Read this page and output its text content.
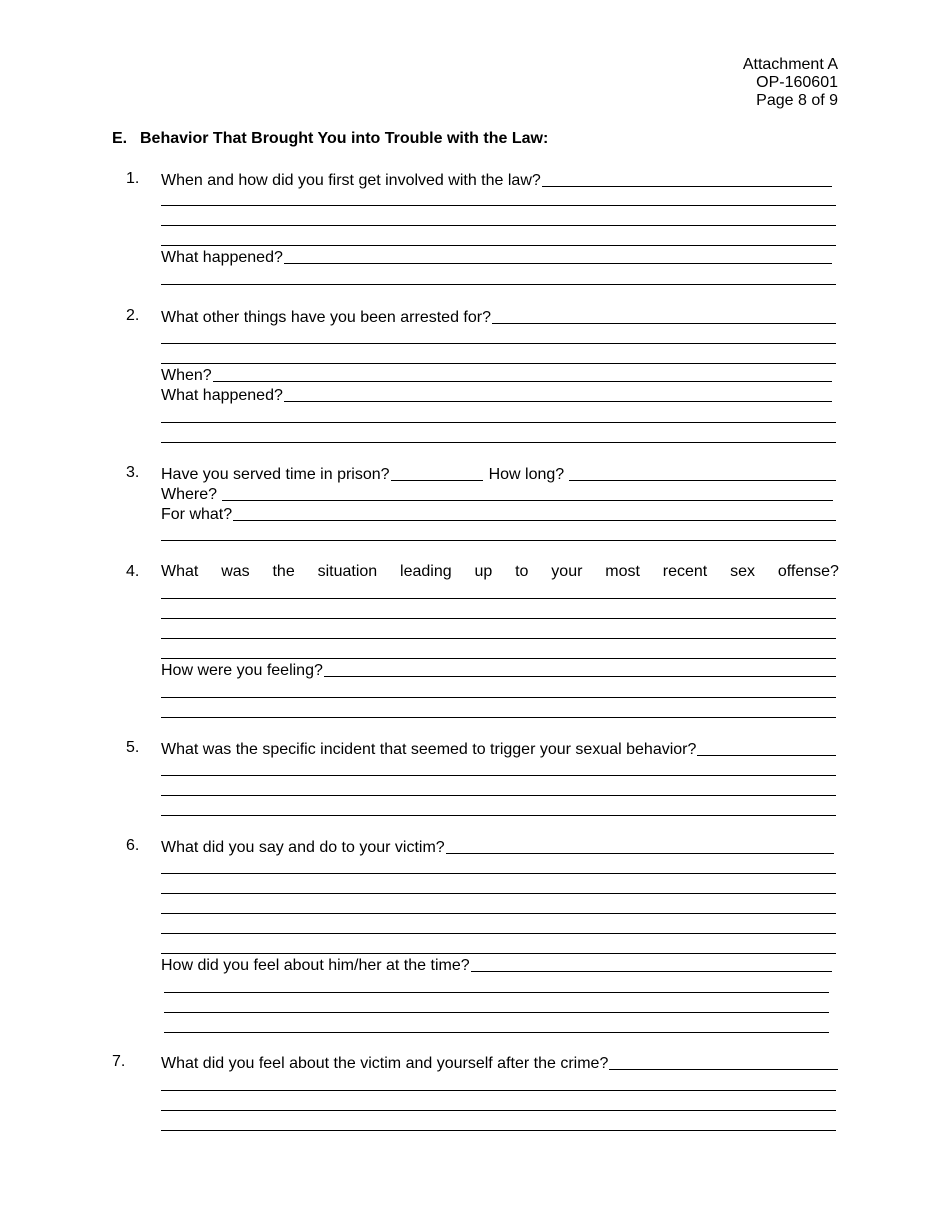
Attachment A
OP-160601
Page 8 of 9
E. Behavior That Brought You into Trouble with the Law:
1. When and how did you first get involved with the law?
What happened?
2. What other things have you been arrested for?
When?
What happened?
3. Have you served time in prison?	How long?
Where?
For what?
4. What was the situation leading up to your most recent sex offense?
How were you feeling?
5. What was the specific incident that seemed to trigger your sexual behavior?
6. What did you say and do to your victim?
How did you feel about him/her at the time?
7. What did you feel about the victim and yourself after the crime?
